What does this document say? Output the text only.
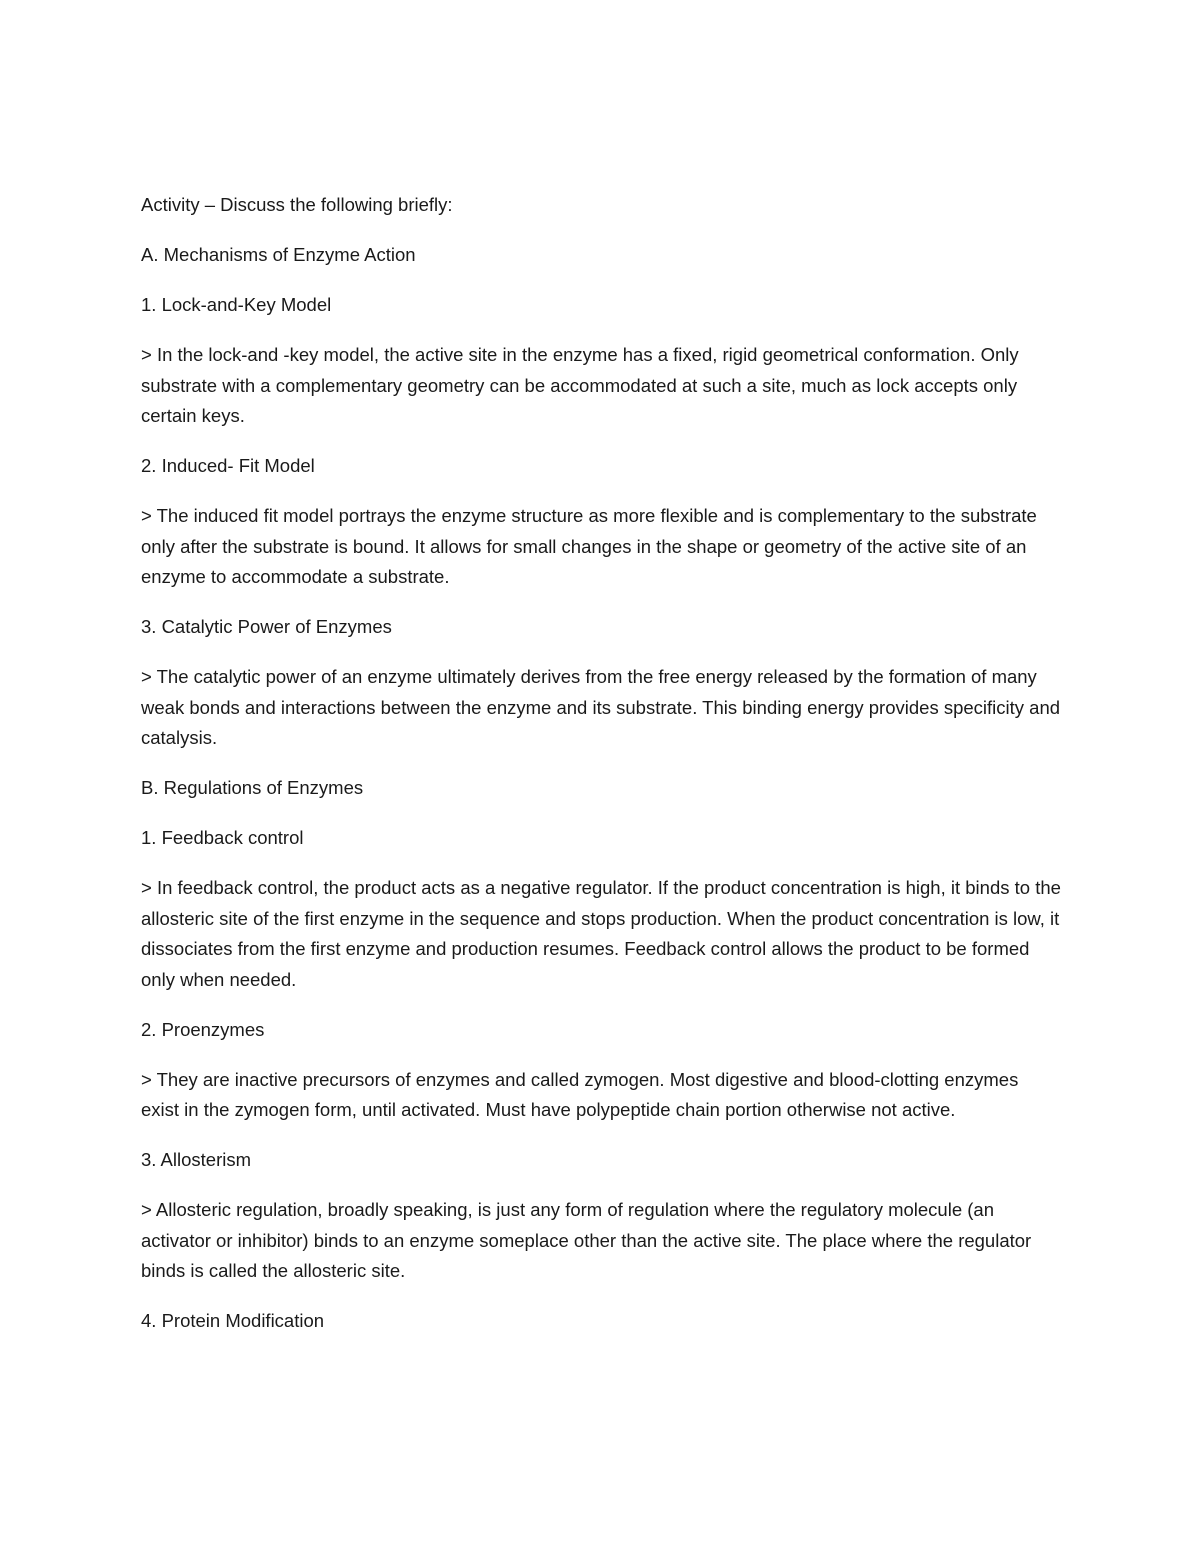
Activity – Discuss the following briefly:

A. Mechanisms of Enzyme Action

1. Lock-and-Key Model

> In the lock-and -key model, the active site in the enzyme has a fixed, rigid geometrical conformation. Only substrate with a complementary geometry can be accommodated at such a site, much as lock accepts only certain keys.

2. Induced- Fit Model

> The induced fit model portrays the enzyme structure as more flexible and is complementary to the substrate only after the substrate is bound. It allows for small changes in the shape or geometry of the active site of an enzyme to accommodate a substrate.

3. Catalytic Power of Enzymes

> The catalytic power of an enzyme ultimately derives from the free energy released by the formation of many weak bonds and interactions between the enzyme and its substrate. This binding energy provides specificity and catalysis.

B. Regulations of Enzymes

1. Feedback control

> In feedback control, the product acts as a negative regulator. If the product concentration is high, it binds to the allosteric site of the first enzyme in the sequence and stops production. When the product concentration is low, it dissociates from the first enzyme and production resumes. Feedback control allows the product to be formed only when needed.

2. Proenzymes

> They are inactive precursors of enzymes and called zymogen. Most digestive and blood-clotting enzymes exist in the zymogen form, until activated. Must have polypeptide chain portion otherwise not active.

3. Allosterism

> Allosteric regulation, broadly speaking, is just any form of regulation where the regulatory molecule (an activator or inhibitor) binds to an enzyme someplace other than the active site. The place where the regulator binds is called the allosteric site.

4. Protein Modification
